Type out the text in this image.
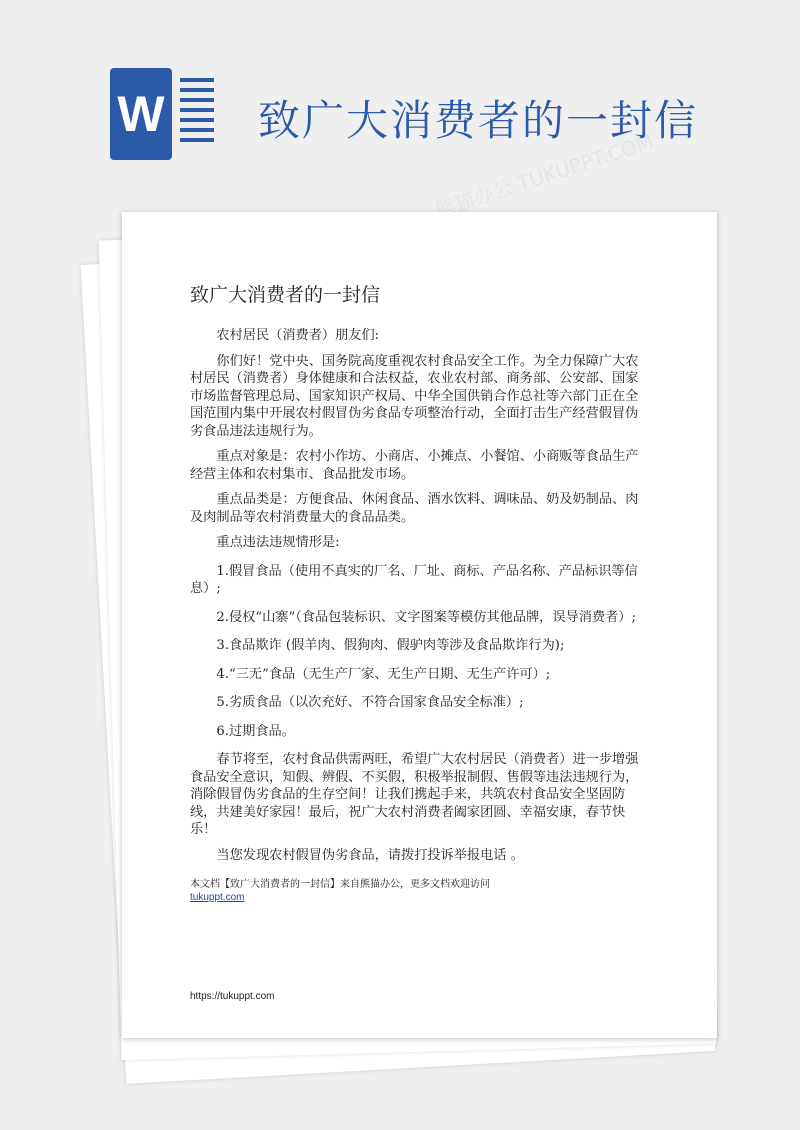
W 致广大消费者的一封信
熊猫办公 TUKUPPT.COM
致广大消费者的一封信

农村居民（消费者）朋友们:

你们好！党中央、国务院高度重视农村食品安全工作。为全力保障广大农村居民（消费者）身体健康和合法权益，农业农村部、商务部、公安部、国家市场监督管理总局、国家知识产权局、中华全国供销合作总社等六部门正在全国范围内集中开展农村假冒伪劣食品专项整治行动，全面打击生产经营假冒伪劣食品违法违规行为。

重点对象是：农村小作坊、小商店、小摊点、小餐馆、小商贩等食品生产经营主体和农村集市、食品批发市场。

重点品类是：方便食品、休闲食品、酒水饮料、调味品、奶及奶制品、肉及肉制品等农村消费量大的食品品类。

重点违法违规情形是:

1.假冒食品（使用不真实的厂名、厂址、商标、产品名称、产品标识等信息）;

2.侵权“山寨”（食品包装标识、文字图案等模仿其他品牌，误导消费者）;

3.食品欺诈 (假羊肉、假狗肉、假驴肉等涉及食品欺诈行为);

4.“三无”食品（无生产厂家、无生产日期、无生产许可）;

5.劣质食品（以次充好、不符合国家食品安全标准）;

6.过期食品。

春节将至，农村食品供需两旺，希望广大农村居民（消费者）进一步增强食品安全意识，知假、辨假、不买假，积极举报制假、售假等违法违规行为，消除假冒伪劣食品的生存空间！让我们携起手来，共筑农村食品安全坚固防线，共建美好家园！最后，祝广大农村消费者阖家团圆、幸福安康，春节快乐！

当您发现农村假冒伪劣食品，请拨打投诉举报电话 。

本文档【致广大消费者的一封信】来自熊猫办公，更多文档欢迎访问
tukuppt.com
https://tukuppt.com
